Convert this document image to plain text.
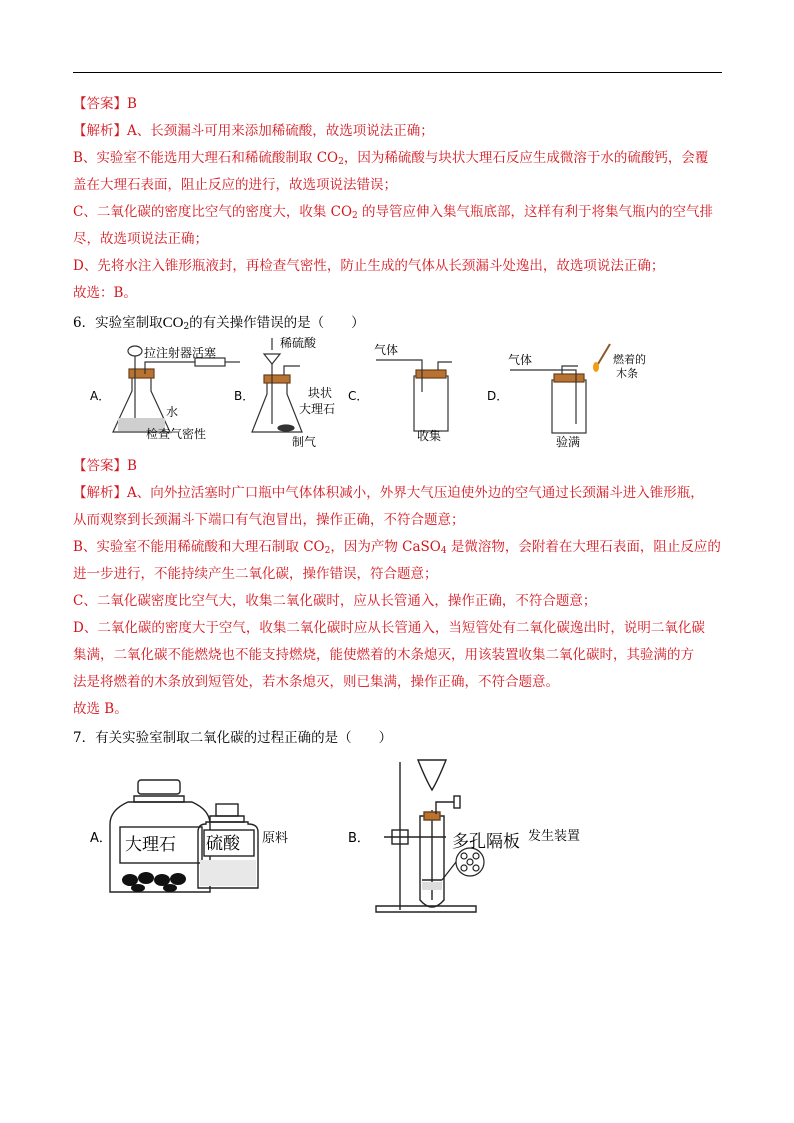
【答案】B
【解析】A、长颈漏斗可用来添加稀硫酸，故选项说法正确；
B、实验室不能选用大理石和稀硫酸制取 $CO_2$，因为稀硫酸与块状大理石反应生成微溶于水的硫酸钙，会覆
盖在大理石表面，阻止反应的进行，故选项说法错误；
C、二氧化碳的密度比空气的密度大，收集 $CO_2$ 的导管应伸入集气瓶底部，这样有利于将集气瓶内的空气排
尽，故选项说法正确；
D、先将水注入锥形瓶液封，再检查气密性，防止生成的气体从长颈漏斗处逸出，故选项说法正确；
故选：B。
6．实验室制取$CO_2$的有关操作错误的是（　　）
A．
拉注射器活塞
水
检查气密性
B．
稀硫酸
块状
大理石
制气
C．
气体
收集
D．
气体	燃着的
木条
验满
【答案】B
【解析】A、向外拉活塞时广口瓶中气体体积减小，外界大气压迫使外边的空气通过长颈漏斗进入锥形瓶，
从而观察到长颈漏斗下端口有气泡冒出，操作正确，不符合题意；
B、实验室不能用稀硫酸和大理石制取 $CO_2$，因为产物 CaSO$_4$ 是微溶物，会附着在大理石表面，阻止反应的
进一步进行，不能持续产生二氧化碳，操作错误，符合题意；
C、二氧化碳密度比空气大，收集二氧化碳时，应从长管通入，操作正确，不符合题意；
D、二氧化碳的密度大于空气，收集二氧化碳时应从长管通入，当短管处有二氧化碳逸出时，说明二氧化碳
集满，二氧化碳不能燃烧也不能支持燃烧，能使燃着的木条熄灭，用该装置收集二氧化碳时，其验满的方
法是将燃着的木条放到短管处，若木条熄灭，则已集满，操作正确，不符合题意。
故选 B。
7．有关实验室制取二氧化碳的过程正确的是（　　）
A． 大理石 硫酸 原料	B．	多孔隔板 发生装置
